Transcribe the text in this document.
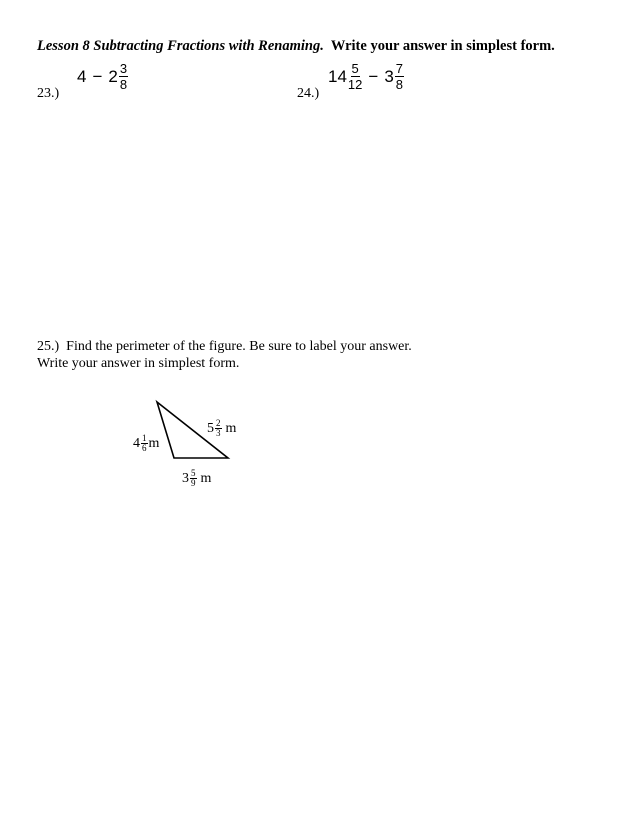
Lesson 8 Subtracting Fractions with Renaming. Write your answer in simplest form.
23.)
$4 - 2 \frac{3}{8}$
24.)
$14 \frac{5}{12} - 3 \frac{7}{8}$
25.) Find the perimeter of the figure. Be sure to label your answer.
Write your answer in simplest form.
$4 \frac{1}{6}$ m
$5 \frac{2}{3}$ m
$3 \frac{5}{9}$ m
